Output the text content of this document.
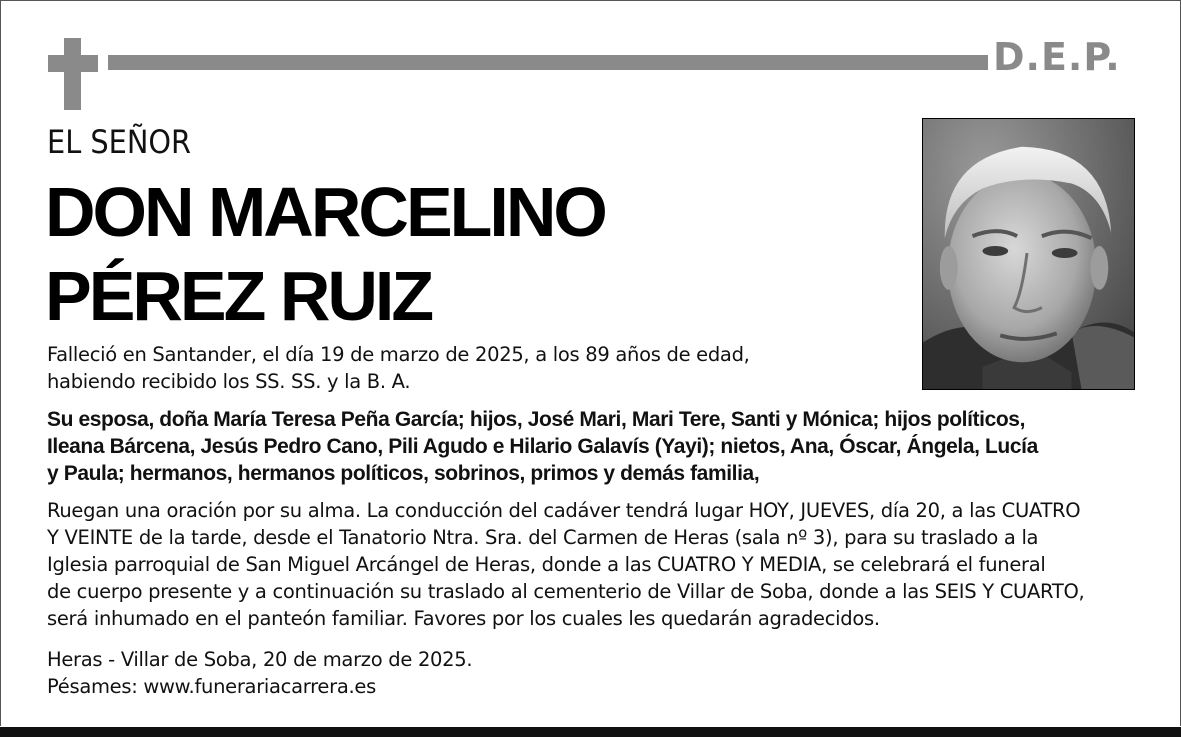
D.E.P.
EL SEÑOR
DON MARCELINO
PÉREZ RUIZ
Falleció en Santander, el día 19 de marzo de 2025, a los 89 años de edad,
habiendo recibido los SS. SS. y la B. A.
Su esposa, doña María Teresa Peña García; hijos, José Mari, Mari Tere, Santi y Mónica; hijos políticos,
Ileana Bárcena, Jesús Pedro Cano, Pili Agudo e Hilario Galavís (Yayi); nietos, Ana, Óscar, Ángela, Lucía
y Paula; hermanos, hermanos políticos, sobrinos, primos y demás familia,
Ruegan una oración por su alma. La conducción del cadáver tendrá lugar HOY, JUEVES, día 20, a las CUATRO
Y VEINTE de la tarde, desde el Tanatorio Ntra. Sra. del Carmen de Heras (sala nº 3), para su traslado a la
Iglesia parroquial de San Miguel Arcángel de Heras, donde a las CUATRO Y MEDIA, se celebrará el funeral
de cuerpo presente y a continuación su traslado al cementerio de Villar de Soba, donde a las SEIS Y CUARTO,
será inhumado en el panteón familiar. Favores por los cuales les quedarán agradecidos.
Heras - Villar de Soba, 20 de marzo de 2025.
Pésames: www.funerariacarrera.es
